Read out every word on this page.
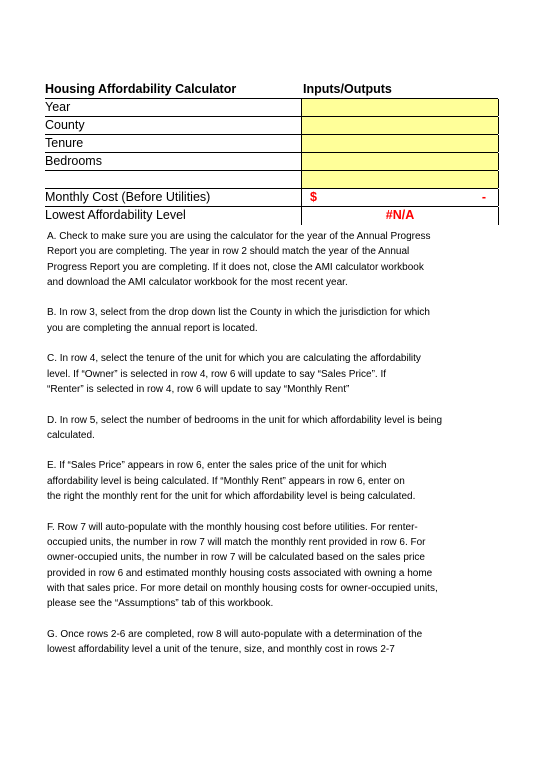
Housing Affordability Calculator	Inputs/Outputs
Year
County
Tenure
Bedrooms
Monthly Cost (Before Utilities)	$	-
Lowest Affordability Level	#N/A

A. Check to make sure you are using the calculator for the year of the Annual Progress
Report you are completing. The year in row 2 should match the year of the Annual
Progress Report you are completing. If it does not, close the AMI calculator workbook
and download the AMI calculator workbook for the most recent year.

B. In row 3, select from the drop down list the County in which the jurisdiction for which
you are completing the annual report is located.

C. In row 4, select the tenure of the unit for which you are calculating the affordability
level. If “Owner” is selected in row 4, row 6 will update to say “Sales Price”. If
“Renter” is selected in row 4, row 6 will update to say “Monthly Rent”

D. In row 5, select the number of bedrooms in the unit for which affordability level is being
calculated.

E. If “Sales Price” appears in row 6, enter the sales price of the unit for which
affordability level is being calculated. If “Monthly Rent” appears in row 6, enter on
the right the monthly rent for the unit for which affordability level is being calculated.

F. Row 7 will auto-populate with the monthly housing cost before utilities. For renter-
occupied units, the number in row 7 will match the monthly rent provided in row 6. For
owner-occupied units, the number in row 7 will be calculated based on the sales price
provided in row 6 and estimated monthly housing costs associated with owning a home
with that sales price. For more detail on monthly housing costs for owner-occupied units,
please see the “Assumptions” tab of this workbook.

G. Once rows 2-6 are completed, row 8 will auto-populate with a determination of the
lowest affordability level a unit of the tenure, size, and monthly cost in rows 2-7
